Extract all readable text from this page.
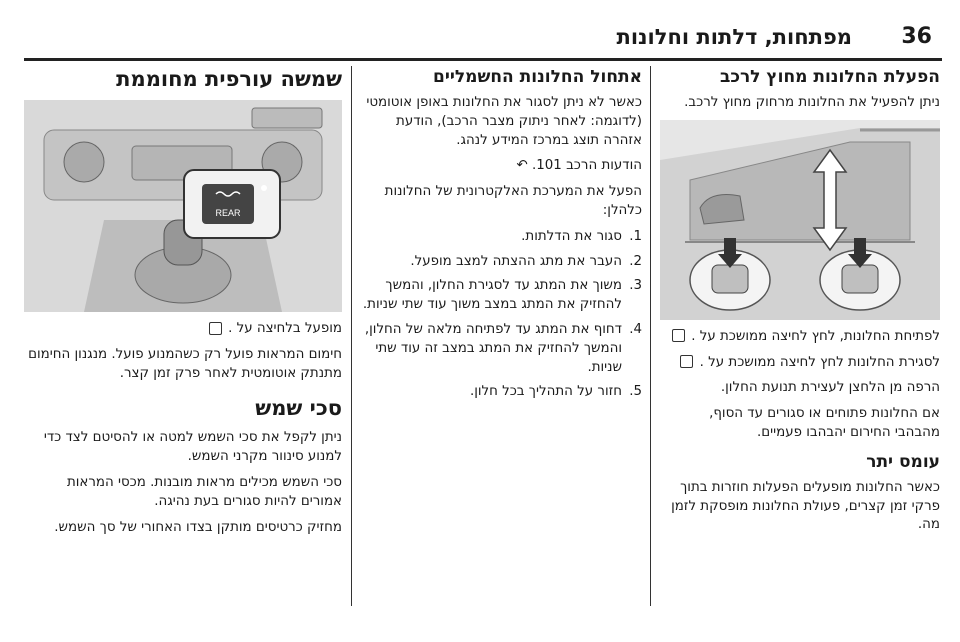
36
מפתחות, דלתות וחלונות
הפעלת החלונות מחוץ לרכב
ניתן להפעיל את החלונות מרחוק מחוץ לרכב.
לפתיחת החלונות, לחץ לחיצה ממושכת על .
לסגירת החלונות לחץ לחיצה ממושכת על .
הרפה מן הלחצן לעצירת תנועת החלון.
אם החלונות פתוחים או סגורים עד הסוף, מהבהבי החירום יהבהבו פעמיים.
עומס יתר
כאשר החלונות מופעלים הפעלות חוזרות בתוך פרקי זמן קצרים, פעולת החלונות מופסקת לזמן מה.
אתחול החלונות החשמליים
כאשר לא ניתן לסגור את החלונות באופן אוטומטי (לדוגמה: לאחר ניתוק מצבר הרכב), הודעת אזהרה תוצג במרכז המידע לנהג.
הודעות הרכב 101. ↶
הפעל את המערכת האלקטרונית של החלונות כלהלן:
1.
סגור את הדלתות.
2.
העבר את מתג ההצתה למצב מופעל.
3.
משוך את המתג עד לסגירת החלון, והמשך להחזיק את המתג במצב משוך עוד שתי שניות.
4.
דחוף את המתג עד לפתיחה מלאה של החלון, והמשך להחזיק את המתג במצב זה עוד שתי שניות.
5.
חזור על התהליך בכל חלון.
שמשה עורפית מחוממת
REAR
מופעל בלחיצה על .
חימום המראות פועל רק כשהמנוע פועל. מנגנון החימום מתנתק אוטומטית לאחר פרק זמן קצר.
סכי שמש
ניתן לקפל את סכי השמש למטה או להסיטם לצד כדי למנוע סינוור מקרני השמש.
סכי השמש מכילים מראות מובנות. מכסי המראות אמורים להיות סגורים בעת נהיגה.
מחזיק כרטיסים מותקן בצדו האחורי של סך השמש.
